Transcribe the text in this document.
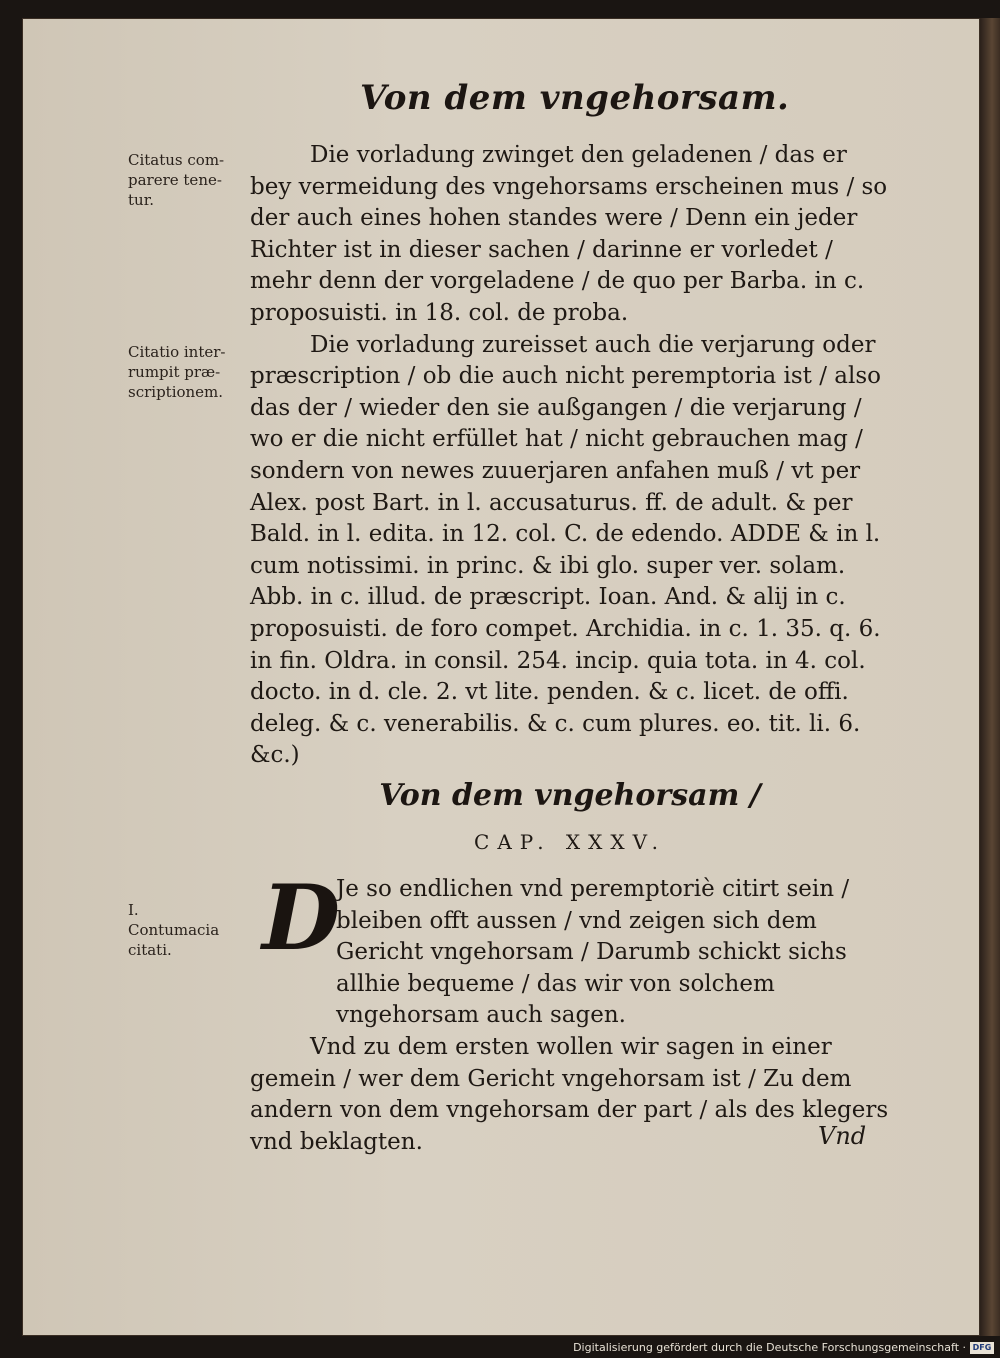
Von dem vngehorsam.
Citatus com-
parere tene-
tur.
Citatio inter-
rumpit præ-
scriptionem.
I.
Contumacia
citati.

Die vorladung zwinget den geladenen / das er bey vermeidung des vngehorsams erscheinen mus / so der auch eines hohen standes were / Denn ein jeder Richter ist in dieser sachen / darinne er vorledet / mehr denn der vorgeladene / de quo per Barba. in c. proposuisti. in 18. col. de proba.

Die vorladung zureisset auch die verjarung oder præscription / ob die auch nicht peremptoria ist / also das der / wieder den sie außgangen / die verjarung / wo er die nicht erfüllet hat / nicht gebrauchen mag / sondern von newes zuuerjaren anfahen muß / vt per Alex. post Bart. in l. accusaturus. ff. de adult. & per Bald. in l. edita. in 12. col. C. de edendo. ADDE & in l. cum notissimi. in princ. & ibi glo. super ver. solam. Abb. in c. illud. de præscript. Ioan. And. & alij in c. proposuisti. de foro compet. Archidia. in c. 1. 35. q. 6. in fin. Oldra. in consil. 254. incip. quia tota. in 4. col. docto. in d. cle. 2. vt lite. penden. & c. licet. de offi. deleg. & c. venerabilis. & c. cum plures. eo. tit. li. 6. &c.)

Von dem vngehorsam /
CAP. XXXV.
D

Je so endlichen vnd peremptoriè citirt sein / bleiben offt aussen / vnd zeigen sich dem Gericht vngehorsam / Darumb schickt sichs allhie bequeme / das wir von solchem vngehorsam auch sagen.

Vnd zu dem ersten wollen wir sagen in einer gemein / wer dem Gericht vngehorsam ist / Zu dem andern von dem vngehorsam der part / als des klegers vnd beklagten.	Vnd
Digitalisierung gefördert durch die Deutsche Forschungsgemeinschaft · DFG
